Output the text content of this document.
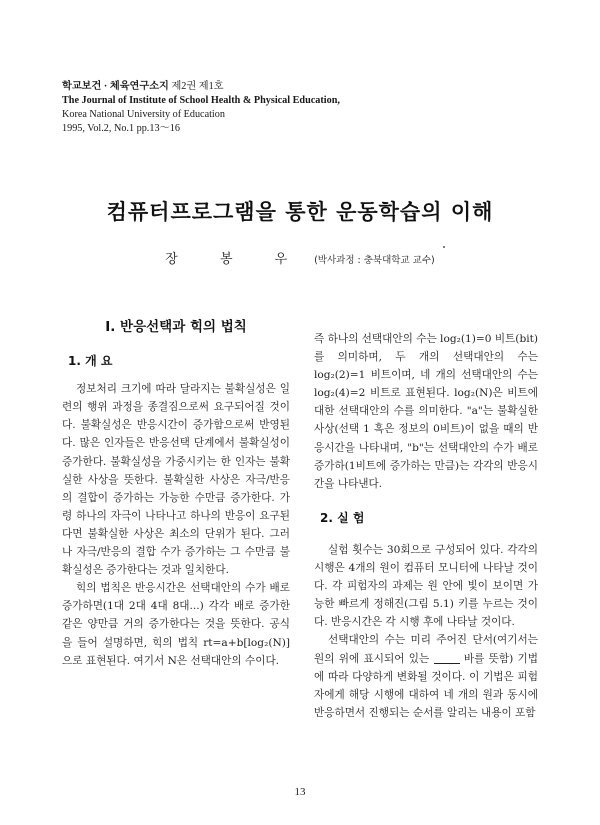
학교보건 · 체육연구소지 제2권 제1호
The Journal of Institute of School Health & Physical Education,
Korea National University of Education
1995, Vol.2, No.1 pp.13～16
컴퓨터프로그램을 통한 운동학습의 이해
장 봉 우 (박사과정 : 충북대학교 교수)
I. 반응선택과 힉의 법칙
1. 개 요

정보처리 크기에 따라 달라지는 불확실성은 일련의 행위 과정을 종결짐으로써 요구되어질 것이다. 불확실성은 반응시간이 증가함으로써 반영된다. 많은 인자들은 반응선택 단계에서 불확실성이 증가한다. 불확실성을 가중시키는 한 인자는 불확실한 사상을 뜻한다. 불확실한 사상은 자극/반응의 결합이 증가하는 가능한 수만큼 증가한다. 가령 하나의 자극이 나타나고 하나의 반응이 요구된다면 불확실한 사상은 최소의 단위가 된다. 그러나 자극/반응의 결합 수가 증가하는 그 수만큼 불확실성은 증가한다는 것과 일치한다.

힉의 법칙은 반응시간은 선택대안의 수가 배로 증가하면(1대 2대 4대 8대...) 각각 배로 증가한 같은 양만큼 거의 증가한다는 것을 뜻한다. 공식을 들어 설명하면, 힉의 법칙 rt=a+b[log₂(N)]으로 표현된다. 여기서 N은 선택대안의 수이다.

즉 하나의 선택대안의 수는 log₂(1)=0 비트(bit)를 의미하며, 두 개의 선택대안의 수는 log₂(2)=1 비트이며, 네 개의 선택대안의 수는 log₂(4)=2 비트로 표현된다. log₂(N)은 비트에 대한 선택대안의 수를 의미한다. "a"는 불확실한 사상(선택 1 혹은 정보의 0비트)이 없을 때의 반응시간을 나타내며, "b"는 선택대안의 수가 배로 증가하(1비트에 증가하는 만큼)는 각각의 반응시간을 나타낸다.

2. 실 험

실험 횟수는 30회으로 구성되어 있다. 각각의 시행은 4개의 원이 컴퓨터 모니터에 나타날 것이다. 각 피험자의 과제는 원 안에 빛이 보이면 가능한 빠르게 정해진(그림 5.1) 키를 누르는 것이다. 반응시간은 각 시행 후에 나타날 것이다.

선택대안의 수는 미리 주어진 단서(여기서는 원의 위에 표시되어 있는	바를 뜻함) 기법에 따라 다양하게 변화될 것이다. 이 기법은 피험자에게 해당 시행에 대하여 네 개의 원과 동시에 반응하면서 진행되는 순서를 알리는 내용이 포함

13
